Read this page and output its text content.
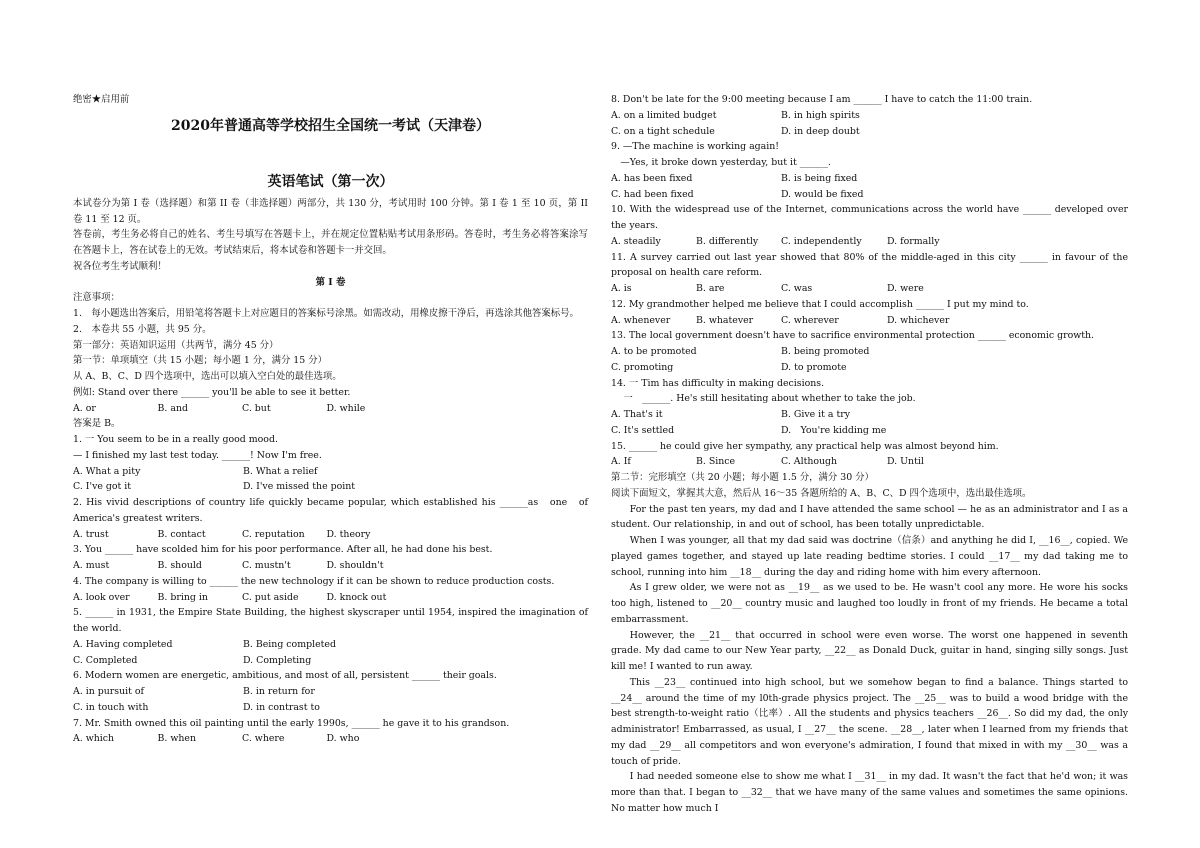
绝密★启用前
2020年普通高等学校招生全国统一考试（天津卷）
英语笔试（第一次）
本试卷分为第 I 卷（选择题）和第 II 卷（非选择题）两部分，共 130 分，考试用时 100 分钟。第 I 卷 1 至 10 页，第 II 卷 11 至 12 页。
答卷前，考生务必将自己的姓名、考生号填写在答题卡上，并在规定位置粘贴考试用条形码。答卷时，考生务必将答案涂写在答题卡上，答在试卷上的无效。考试结束后，将本试卷和答题卡一并交回。
祝各位考生考试顺利！
第 I 卷
注意事项：
1.　每小题选出答案后，用铅笔将答题卡上对应题目的答案标号涂黑。如需改动，用橡皮擦干净后，再选涂其他答案标号。
2.　本卷共 55 小题，共 95 分。
第一部分：英语知识运用（共两节，满分 45 分）
第一节：单项填空（共 15 小题；每小题 1 分，满分 15 分）
从 A、B、C、D 四个选项中，选出可以填入空白处的最佳选项。
例如: Stand over there ______ you'll be able to see it better.
A. or	B. and	C. but	D. while
答案是 B。
1. 一 You seem to be in a really good mood.
— I finished my last test today. ______! Now I'm free.
A. What a pity	B. What a relief
C. I've got it	D. I've missed the point
2. His vivid descriptions of country life quickly became popular, which established his ______as　one　of　America's greatest writers.
A. trust	B. contact	C. reputation	D. theory
3. You ______ have scolded him for his poor performance. After all, he had done his best.
A. must	B. should	C. mustn't	D. shouldn't
4. The company is willing to ______ the new technology if it can be shown to reduce production costs.
A. look over	B. bring in	C. put aside	D. knock out
5. ______ in 1931, the Empire State Building, the highest skyscraper until 1954, inspired the imagination of the world.
A. Having completed	B. Being completed
C. Completed	D. Completing
6. Modern women are energetic, ambitious, and most of all, persistent ______ their goals.
A. in pursuit of	B. in return for
C. in touch with	D. in contrast to
7. Mr. Smith owned this oil painting until the early 1990s, ______ he gave it to his grandson.
A. which	B. when	C. where	D. who
8. Don't be late for the 9:00 meeting because I am ______ I have to catch the 11:00 train.
A. on a limited budget	B. in high spirits
C. on a tight schedule	D. in deep doubt
9. —The machine is working again!
　—Yes, it broke down yesterday, but it ______.
A. has been fixed	B. is being fixed
C. had been fixed	D. would be fixed
10. With the widespread use of the Internet, communications across the world have ______ developed over the years.
A. steadily	B. differently	C. independently	D. formally
11. A survey carried out last year showed that 80% of the middle-aged in this city ______ in favour of the proposal on health care reform.
A. is	B. are	C. was	D. were
12. My grandmother helped me believe that I could accomplish ______ I put my mind to.
A. whenever	B. whatever	C. wherever	D. whichever
13. The local government doesn't have to sacrifice environmental protection ______ economic growth.
A. to be promoted	B. being promoted
C. promoting	D. to promote
14. 一 Tim has difficulty in making decisions.
　 一　______. He's still hesitating about whether to take the job.
A. That's it	B. Give it a try
C. It's settled	D.　You're kidding me
15. ______ he could give her sympathy, any practical help was almost beyond him.
A. If	B. Since	C. Although	D. Until
第二节：完形填空（共 20 小题；每小题 1.5 分，满分 30 分）
阅读下面短文，掌握其大意，然后从 16～35 各题所给的 A、B、C、D 四个选项中，选出最佳选项。
For the past ten years, my dad and I have attended the same school — he as an administrator and I as a student. Our relationship, in and out of school, has been totally unpredictable.
When I was younger, all that my dad said was doctrine（信条）and anything he did I, __16__, copied. We played games together, and stayed up late reading bedtime stories. I could __17__ my dad taking me to school, running into him __18__ during the day and riding home with him every afternoon.
As I grew older, we were not as __19__ as we used to be. He wasn't cool any more. He wore his socks too high, listened to __20__ country music and laughed too loudly in front of my friends. He became a total embarrassment.
However, the __21__ that occurred in school were even worse. The worst one happened in seventh grade. My dad came to our New Year party, __22__ as Donald Duck, guitar in hand, singing silly songs. Just kill me! I wanted to run away.
This __23__ continued into high school, but we somehow began to find a balance. Things started to __24__ around the time of my l0th-grade physics project. The __25__ was to build a wood bridge with the best strength-to-weight ratio（比率）. All the students and physics teachers __26__. So did my dad, the only administrator! Embarrassed, as usual, I __27__ the scene. __28__, later when I learned from my friends that my dad __29__ all competitors and won everyone's admiration, I found that mixed in with my __30__ was a touch of pride.
I had needed someone else to show me what I __31__ in my dad. It wasn't the fact that he'd won; it was more than that. I began to __32__ that we have many of the same values and sometimes the same opinions. No matter how much I
